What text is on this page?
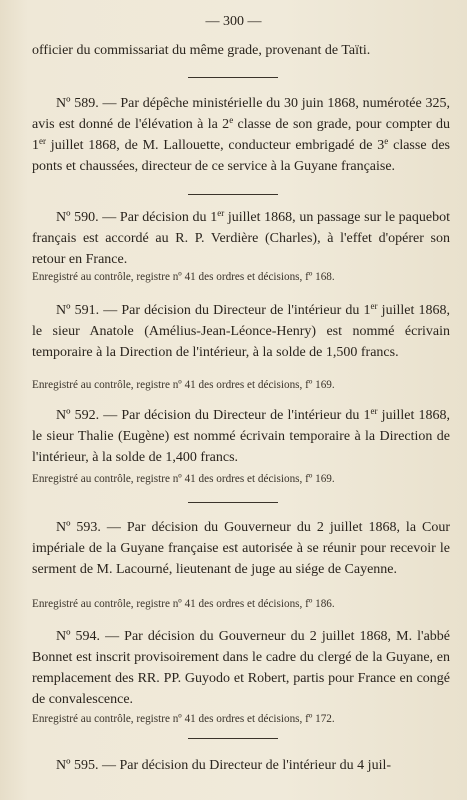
— 300 —
officier du commissariat du même grade, provenant de Taïti.
Nº 589. — Par dépêche ministérielle du 30 juin 1868, numérotée 325, avis est donné de l'élévation à la 2e classe de son grade, pour compter du 1er juillet 1868, de M. Lallouette, conducteur embrigadé de 3e classe des ponts et chaussées, directeur de ce service à la Guyane française.
Nº 590. — Par décision du 1er juillet 1868, un passage sur le paquebot français est accordé au R. P. Verdière (Charles), à l'effet d'opérer son retour en France.
Enregistré au contrôle, registre nº 41 des ordres et décisions, fº 168.
Nº 591. — Par décision du Directeur de l'intérieur du 1er juillet 1868, le sieur Anatole (Amélius-Jean-Léonce-Henry) est nommé écrivain temporaire à la Direction de l'intérieur, à la solde de 1,500 francs.
Enregistré au contrôle, registre nº 41 des ordres et décisions, fº 169.
Nº 592. — Par décision du Directeur de l'intérieur du 1er juillet 1868, le sieur Thalie (Eugène) est nommé écrivain temporaire à la Direction de l'intérieur, à la solde de 1,400 francs.
Enregistré au contrôle, registre nº 41 des ordres et décisions, fº 169.
Nº 593. — Par décision du Gouverneur du 2 juillet 1868, la Cour impériale de la Guyane française est autorisée à se réunir pour recevoir le serment de M. Lacourné, lieutenant de juge au siége de Cayenne.
Enregistré au contrôle, registre nº 41 des ordres et décisions, fº 186.
Nº 594. — Par décision du Gouverneur du 2 juillet 1868, M. l'abbé Bonnet est inscrit provisoirement dans le cadre du clergé de la Guyane, en remplacement des RR. PP. Guyodo et Robert, partis pour France en congé de convalescence.
Enregistré au contrôle, registre nº 41 des ordres et décisions, fº 172.
Nº 595. — Par décision du Directeur de l'intérieur du 4 juil-
